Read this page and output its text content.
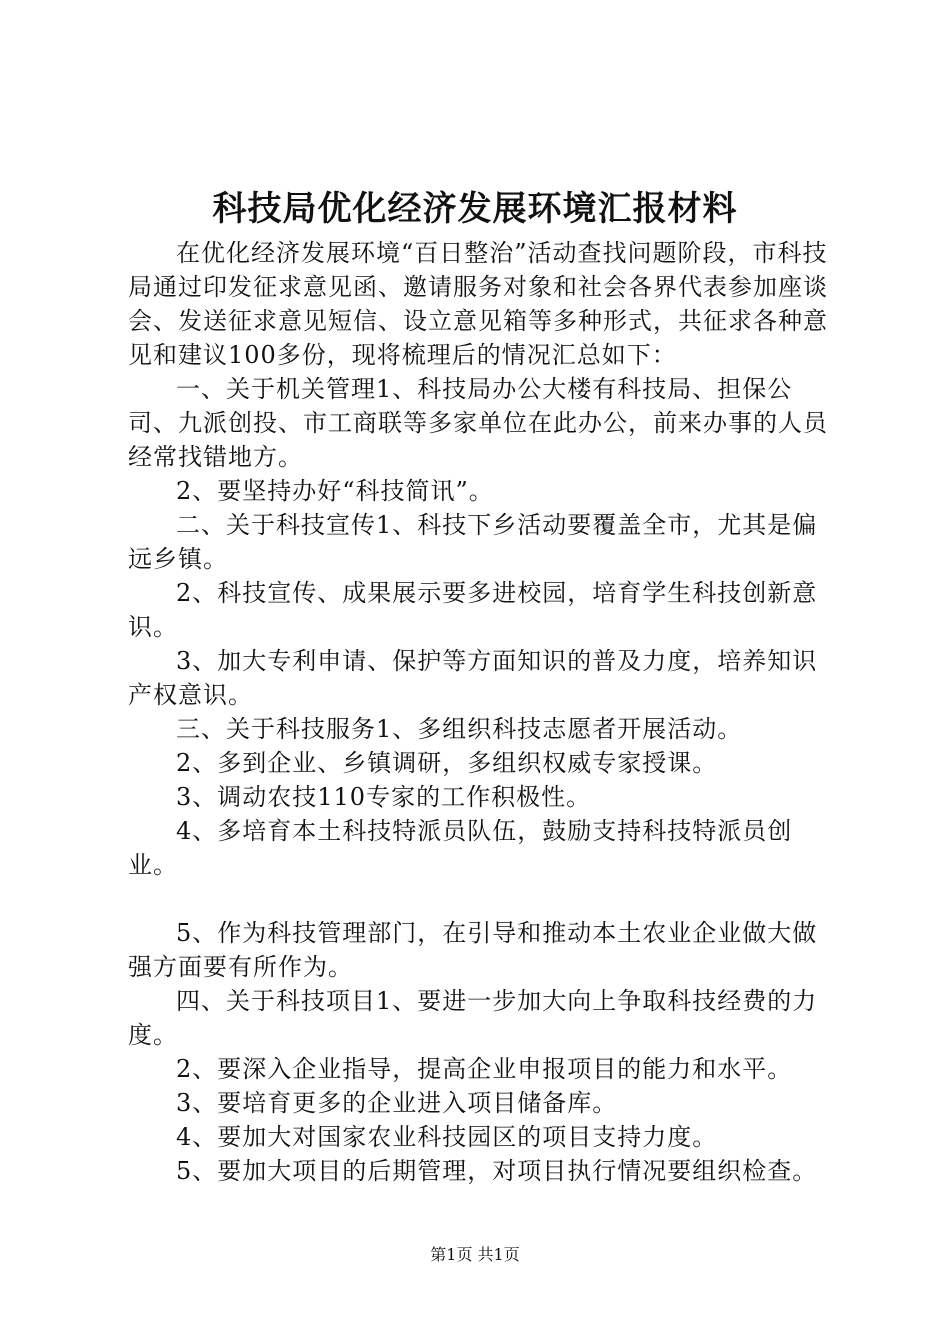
科技局优化经济发展环境汇报材料

在优化经济发展环境“百日整治”活动查找问题阶段，市科技局通过印发征求意见函、邀请服务对象和社会各界代表参加座谈会、发送征求意见短信、设立意见箱等多种形式，共征求各种意见和建议100多份，现将梳理后的情况汇总如下：

一、关于机关管理1、科技局办公大楼有科技局、担保公司、九派创投、市工商联等多家单位在此办公，前来办事的人员经常找错地方。

2、要坚持办好“科技简讯”。

二、关于科技宣传1、科技下乡活动要覆盖全市，尤其是偏远乡镇。

2、科技宣传、成果展示要多进校园，培育学生科技创新意识。

3、加大专利申请、保护等方面知识的普及力度，培养知识产权意识。

三、关于科技服务1、多组织科技志愿者开展活动。

2、多到企业、乡镇调研，多组织权威专家授课。

3、调动农技110专家的工作积极性。

4、多培育本土科技特派员队伍，鼓励支持科技特派员创业。

5、作为科技管理部门，在引导和推动本土农业企业做大做强方面要有所作为。

四、关于科技项目1、要进一步加大向上争取科技经费的力度。

2、要深入企业指导，提高企业申报项目的能力和水平。

3、要培育更多的企业进入项目储备库。

4、要加大对国家农业科技园区的项目支持力度。

5、要加大项目的后期管理，对项目执行情况要组织检查。

第1页 共1页
